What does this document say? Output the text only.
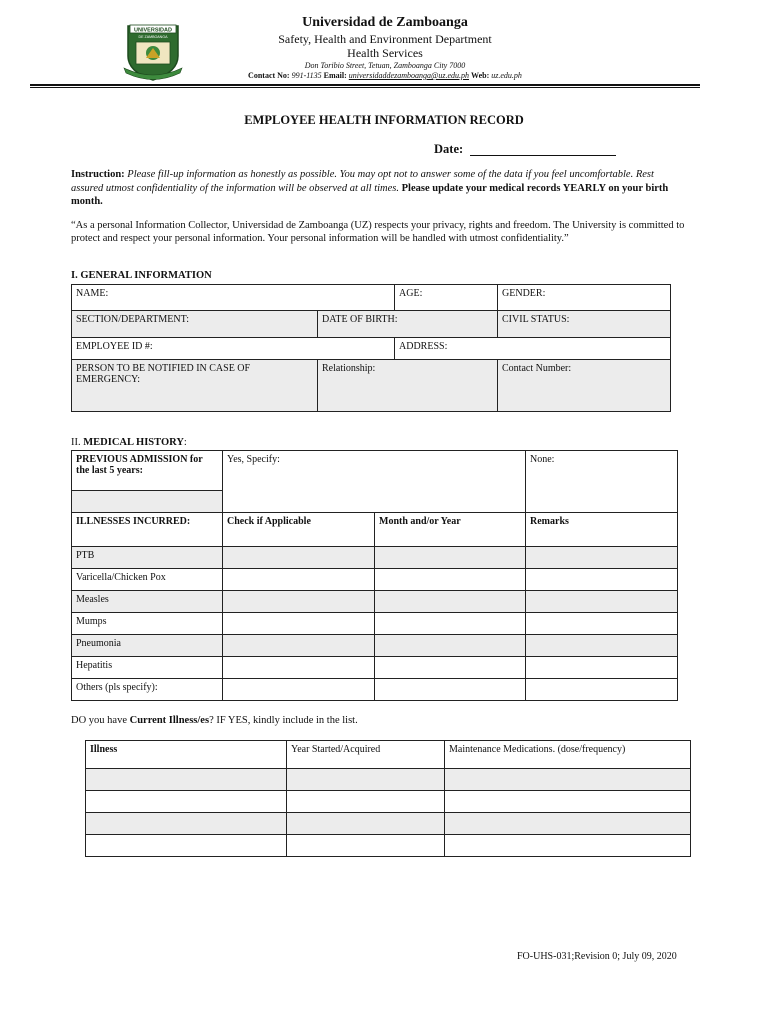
UNIVERSIDAD
DE ZAMBOANGA
Universidad de Zamboanga
Safety, Health and Environment Department
Health Services
Don Toribio Street, Tetuan, Zamboanga City 7000
Contact No: 991-1135 Email: universidaddezamboanga@uz.edu.ph Web: uz.edu.ph
EMPLOYEE HEALTH INFORMATION RECORD
Date:
Instruction: Please fill-up information as honestly as possible. You may opt not to answer some of the data if you feel uncomfortable. Rest assured utmost confidentiality of the information will be observed at all times. Please update your medical records YEARLY on your birth month.
“As a personal Information Collector, Universidad de Zamboanga (UZ) respects your privacy, rights and freedom. The University is committed to protect and respect your personal information. Your personal information will be handled with utmost confidentiality.”
I. GENERAL INFORMATION
NAME:		AGE:	GENDER:
SECTION/DEPARTMENT:	DATE OF BIRTH:		CIVIL STATUS:
EMPLOYEE ID #:		ADDRESS:	
PERSON TO BE NOTIFIED IN CASE OF EMERGENCY:	Relationship:		Contact Number:
II. MEDICAL HISTORY:
PREVIOUS ADMISSION for the last 5 years:	Yes, Specify:		None:

ILLNESSES INCURRED:	Check if Applicable	Month and/or Year	Remarks
PTB			
Varicella/Chicken Pox			
Measles			
Mumps			
Pneumonia			
Hepatitis			
Others (pls specify):			
DO you have Current Illness/es? IF YES, kindly include in the list.
Illness	Year Started/Acquired	Maintenance Medications. (dose/frequency)

FO-UHS-031;Revision 0; July 09, 2020
